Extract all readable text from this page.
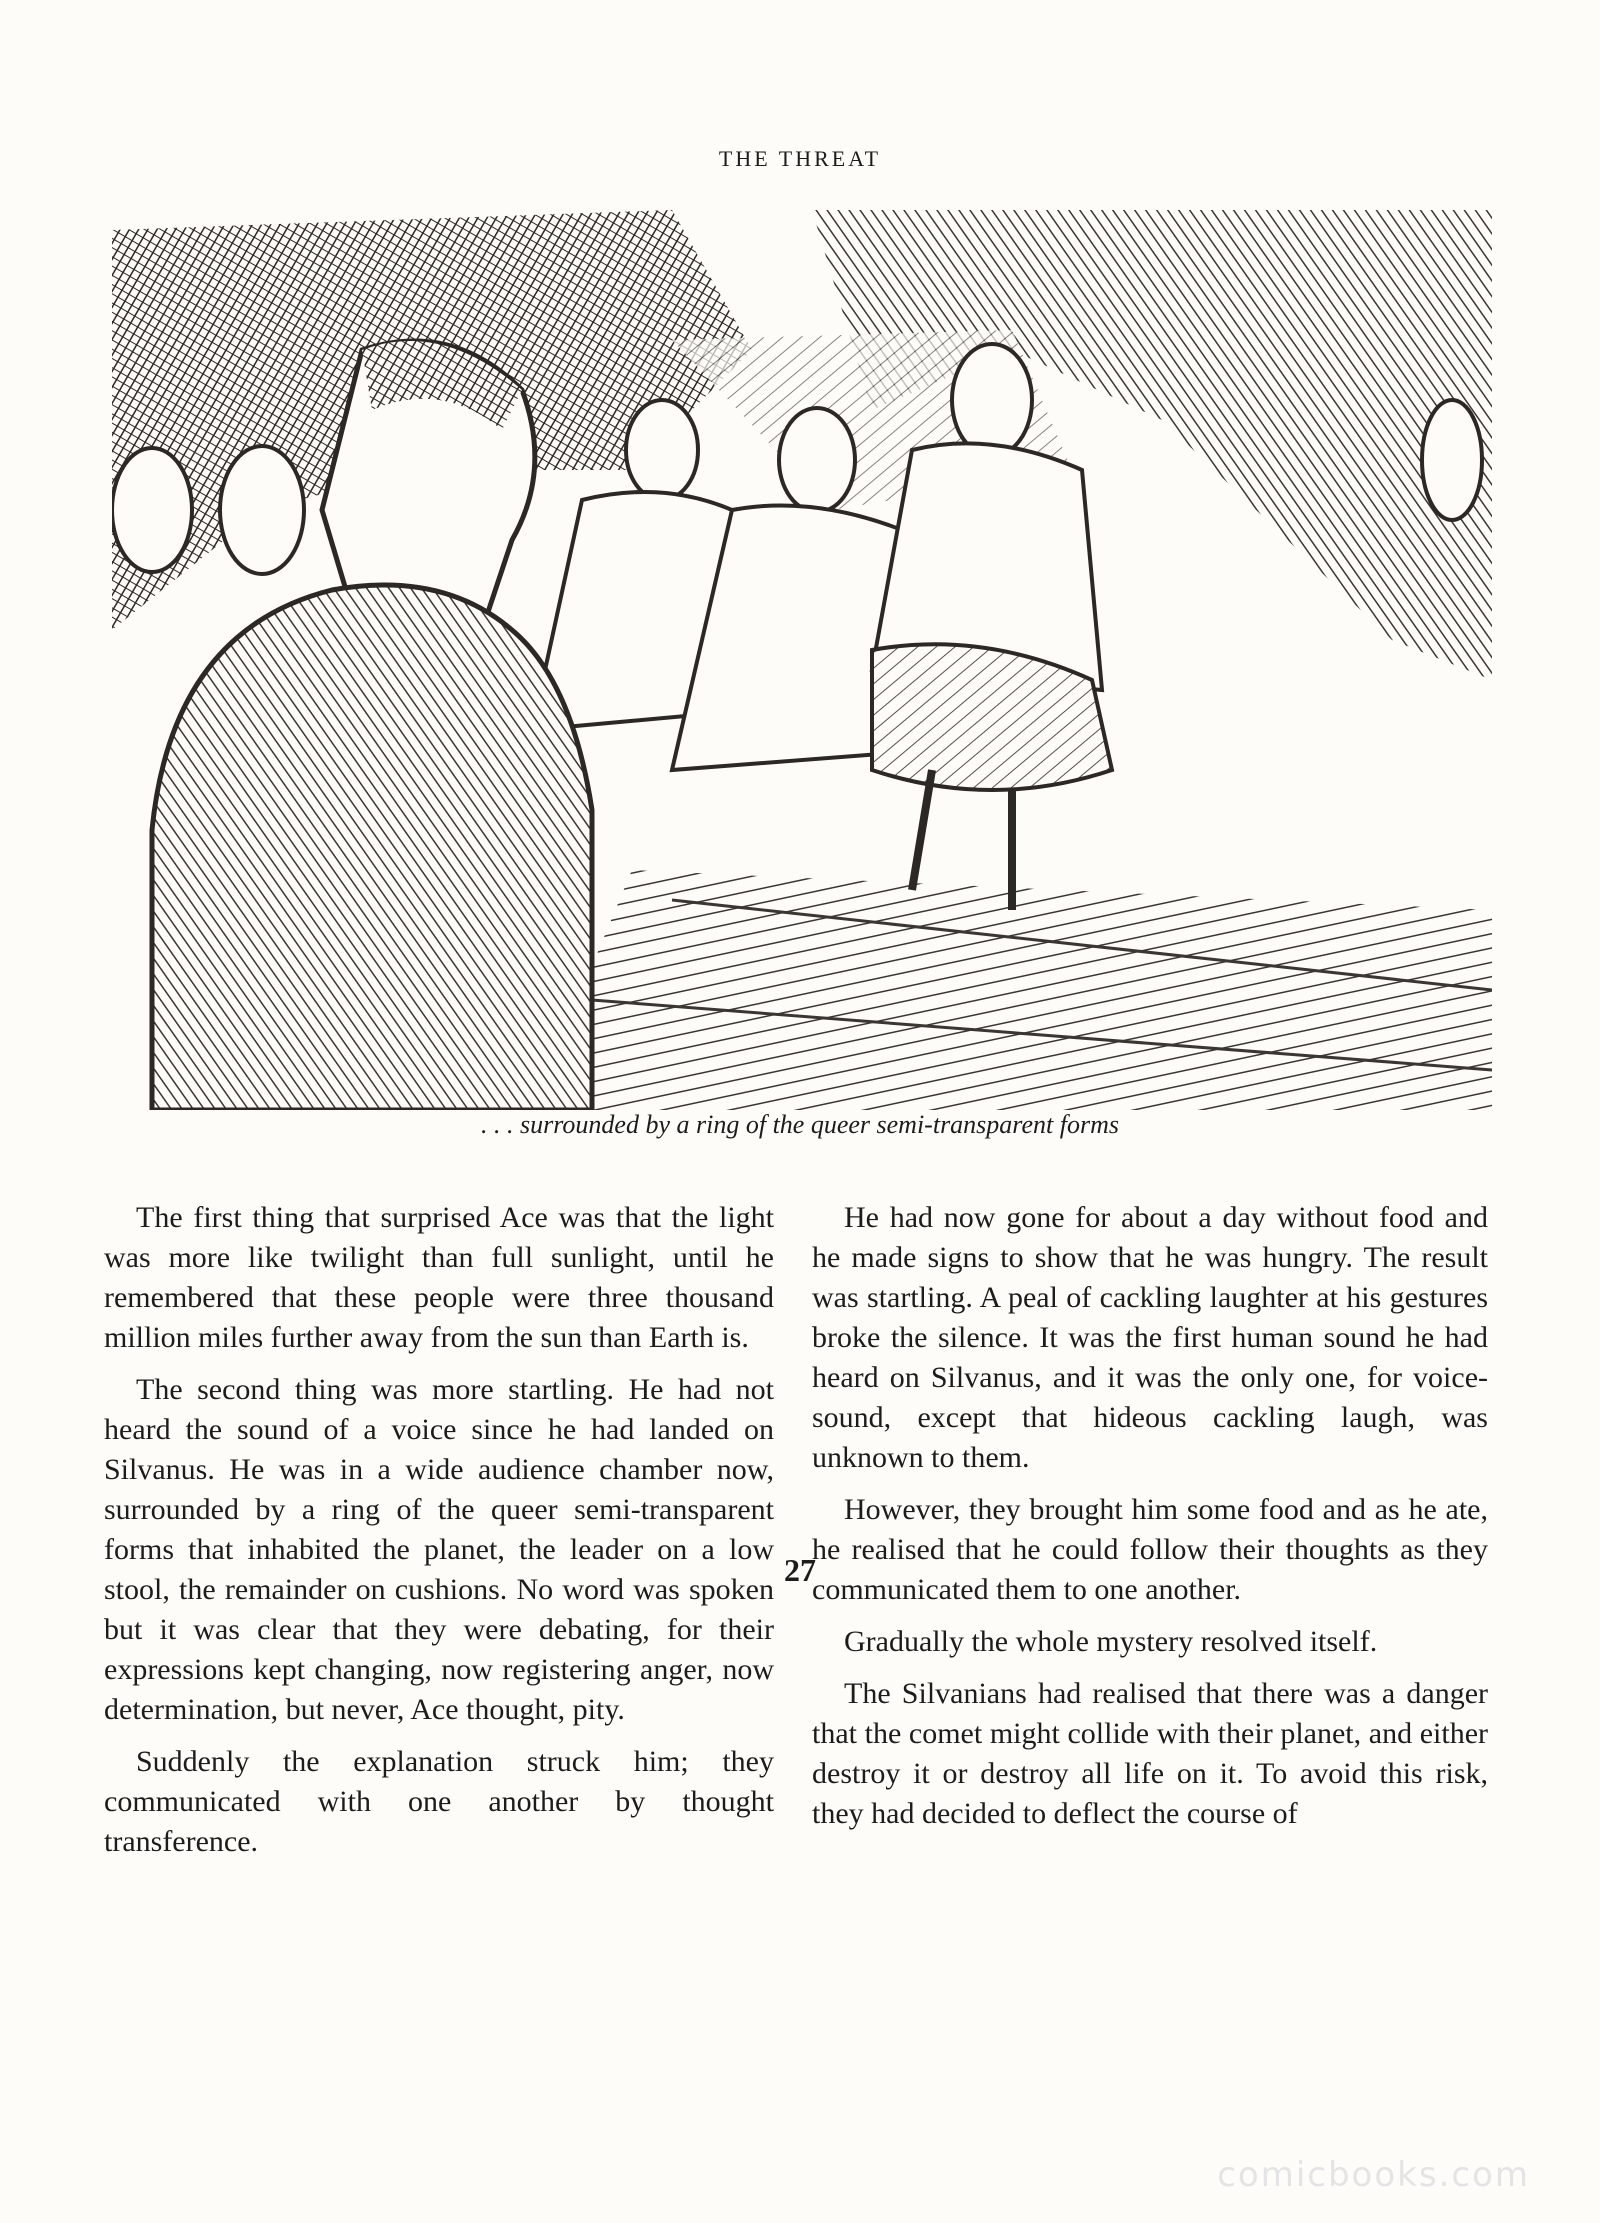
THE THREAT
. . . surrounded by a ring of the queer semi-transparent forms

The first thing that surprised Ace was that the light was more like twilight than full sunlight, until he remembered that these people were three thousand million miles further away from the sun than Earth is.

The second thing was more startling. He had not heard the sound of a voice since he had landed on Silvanus. He was in a wide audience chamber now, surrounded by a ring of the queer semi-transparent forms that inhabited the planet, the leader on a low stool, the remainder on cushions. No word was spoken but it was clear that they were debating, for their expressions kept changing, now registering anger, now determination, but never, Ace thought, pity.

Suddenly the explanation struck him; they communicated with one another by thought transference.

He had now gone for about a day without food and he made signs to show that he was hungry. The result was startling. A peal of cackling laughter at his gestures broke the silence. It was the first human sound he had heard on Silvanus, and it was the only one, for voice-sound, except that hideous cackling laugh, was unknown to them.

However, they brought him some food and as he ate, he realised that he could follow their thoughts as they communicated them to one another.

Gradually the whole mystery resolved itself.

The Silvanians had realised that there was a danger that the comet might collide with their planet, and either destroy it or destroy all life on it. To avoid this risk, they had decided to deflect the course of

27
comicbooks.com
